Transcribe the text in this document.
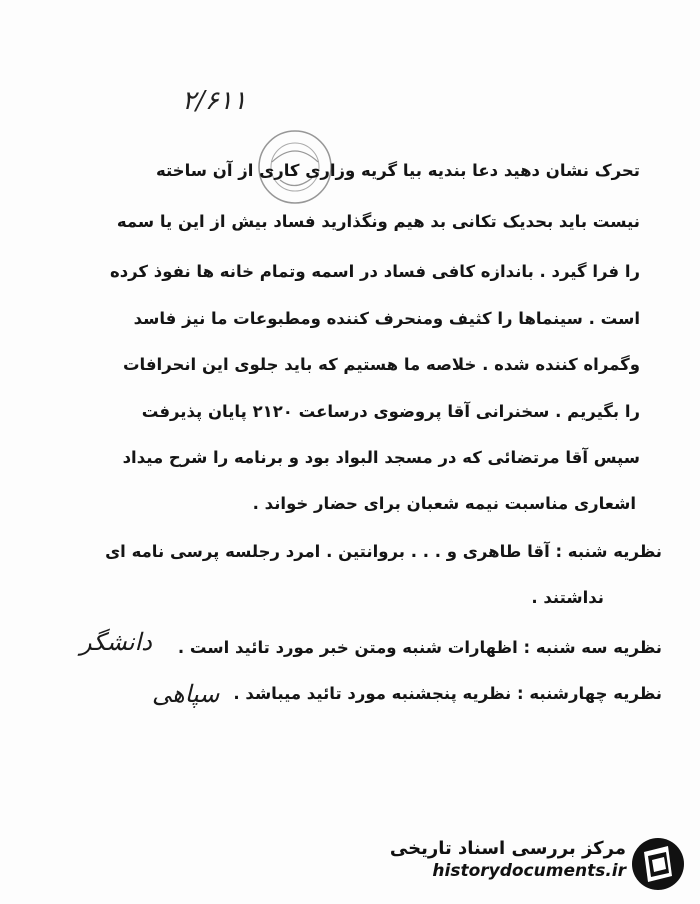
۲/۶۱۱
تحرک نشان دهید دعا بندیه بیا گریه وزاری کاری از آن ساخته
نیست باید بحدیک تکانی بد هیم ونگذارید فساد بیش از این یا سمه
را فرا گیرد . باندازه کافی فساد در اسمه وتمام خانه ها نفوذ کرده
است . سینماها را کثیف ومنحرف کننده ومطبوعات ما نیز فاسد
وگمراه کننده شده . خلاصه ما هستیم که باید جلوی این انحرافات
را بگیریم . سخنرانی آقا پروضوی درساعت ۲۱۲۰ پایان پذیرفت
سپس آقا مرتضائی که در مسجد البواد بود و برنامه را شرح میداد
اشعاری مناسبت نیمه شعبان برای حضار خواند .
نظریه شنبه : آقا طاهری و . . . بروانتین . امرد رجلسه پرسی نامه ای
نداشتند .
نظریه سه شنبه : اظهارات شنبه ومتن خبر مورد تائید است .
نظریه چهارشنبه : نظریه پنجشنبه مورد تائید میباشد .
دانشگر
سپاهی
مرکز بررسی اسناد تاریخی
historydocuments.ir
